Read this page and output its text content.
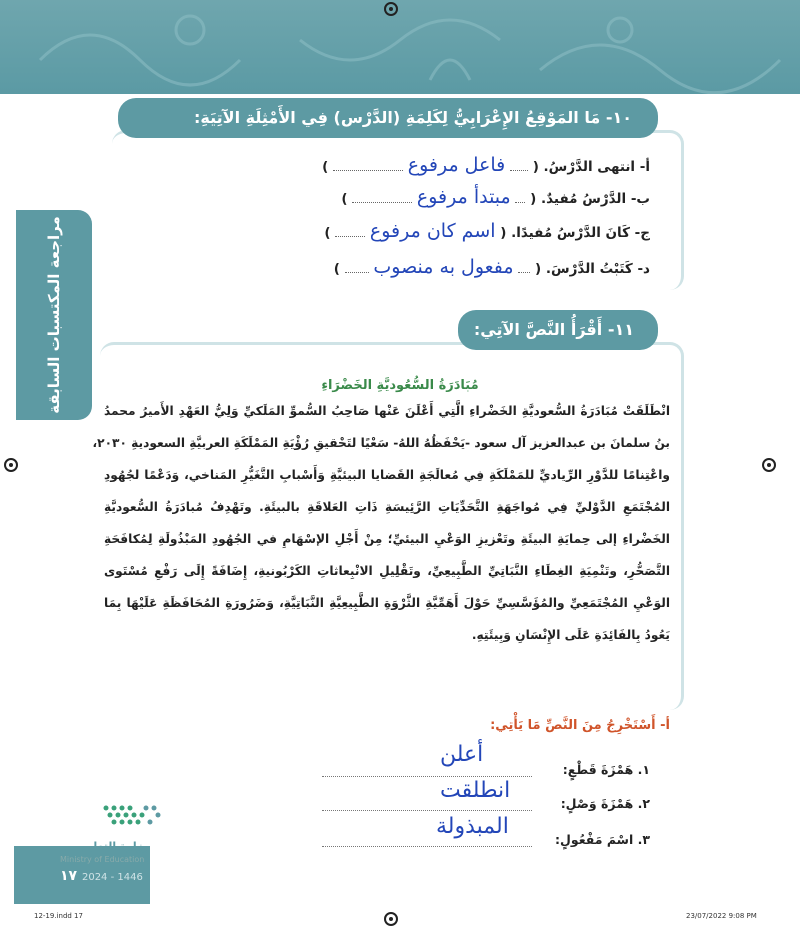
مراجعة المكتسبات السابقة
١٠- مَا المَوْقِعُ الإِعْرَابِيُّ لِكَلِمَةِ (الدَّرْس) فِي الأَمْثِلَةِ الآتِيَةِ:
أ- انتهى الدَّرْسُ. (  فاعل مرفوع  )
ب- الدَّرْسُ مُفيدٌ. (  مبتدأ مرفوع  )
ج- كَانَ الدَّرْسُ مُفيدًا. ( اسم كان مرفوع  )
د- كَتَبْتُ الدَّرْسَ. (  مفعول به منصوب  )
١١- أَقْرَأُ النَّصَّ الآتِي:
مُبَادَرَةُ السُّعُوديَّةِ الخَضْرَاءِ
انْطَلَقَتْ مُبَادَرَةُ السُّعوديَّةِ الخَضْراءِ الَّتِي أَعْلَنَ عَنْها صَاحِبُ السُّموِّ المَلَكيِّ وَلِيُّ العَهْدِ الأَميرُ محمدُ
بنُ سلمانَ بن عبدالعزيز آل سعود -يَحْفَظُهُ اللهُ- سَعْيًا لتَحْقيقِ رُؤْيَةِ المَمْلَكَةِ العربيَّةِ السعوديةِ ٢٠٣٠،
واعْتِنامًا للدَّوْرِ الرِّياديِّ للمَمْلَكَةِ فِي مُعالَجَةِ القَضايا البيئيَّةِ وَأَسْبابِ التَّغَيُّرِ المَناخي، وَدَعْمًا لجُهُودِ
المُجْتَمَعِ الدَّوْليِّ فِي مُواجَهَةِ التَّحَدِّيَاتِ الرَّئِيسَةِ ذَاتِ العَلاقَةِ بالبيئَةِ. وتَهْدِفُ مُبادَرَةُ السُّعوديَّةِ
الخَضْراءِ إلى حِمايَةِ البيئَةِ وتَعْزيزِ الوَعْيِ البيئيِّ؛ مِنْ أَجْلِ الإسْهَامِ في الجُهُودِ المَبْذُولَةِ لِمُكافَحَةِ
التَّصَحُّرِ، وتَنْمِيَةِ الغِطَاءِ النَّبَاتِيِّ الطَّبِيعِيِّ، وتَقْلِيلِ الانْبِعاثاتِ الكَرْبُونيةِ، إِضَافَةً إِلَى رَفْعِ مُسْتَوى
الوَعْيِ المُجْتَمَعِيِّ والمُؤَسَّسِيِّ حَوْلَ أَهَمِّيَّةِ الثَّرْوَةِ الطَّبِيعِيَّةِ النَّبَاتِيَّةِ، وَضَرُورَةِ المُحَافَظَةِ عَلَيْهَا بِمَا
يَعُودُ بِالفَائِدَةِ عَلَى الإِنْسَانِ وَبِيئَتِهِ.
أ- أَسْتَخْرِجُ مِنَ النَّصِّ مَا يَأْتِي:
١. هَمْزَةَ قَطْعٍ:
أعلن
٢. هَمْزَةَ وَصْلٍ:
انطلقت
٣. اسْمَ مَفْعُولٍ:
المبذولة
وزارة التعليم
Ministry of Education
١٧ 2024 - 1446
12-19.indd 17	23/07/2022 9:08 PM
